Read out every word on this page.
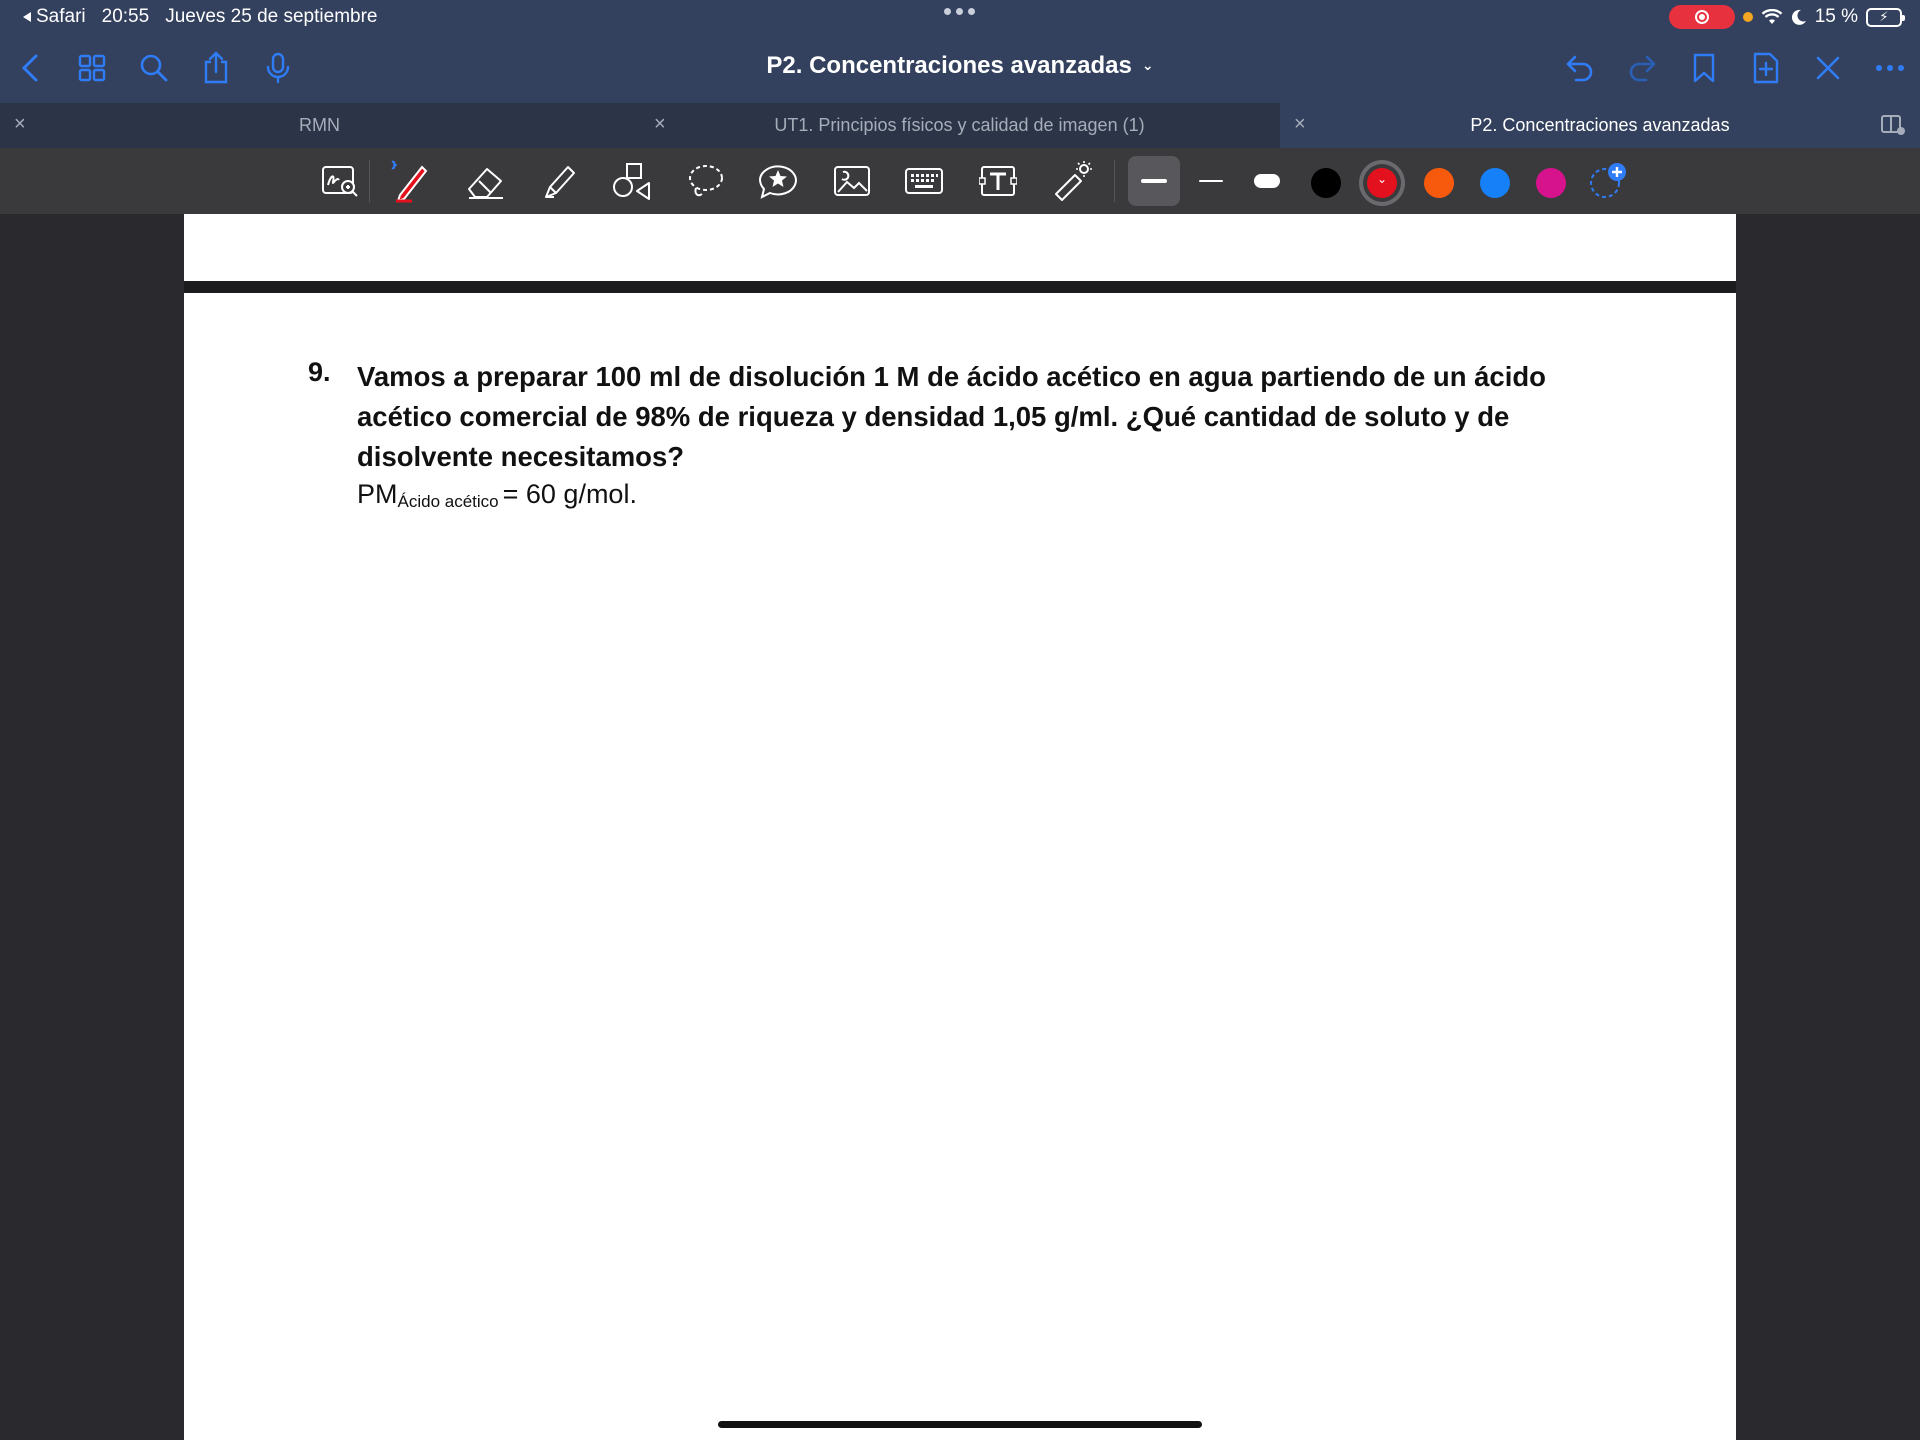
Safari 20:55 Jueves 25 de septiembre	15 %	⚡
P2. Concentraciones avanzadas ⌄
×	RMN	×	UT1. Principios físicos y calidad de imagen (1)	×	P2. Concentraciones avanzadas
⌄
9. Vamos a preparar 100 ml de disolución 1 M de ácido acético en agua partiendo de un ácido acético comercial de 98% de riqueza y densidad 1,05 g/ml. ¿Qué cantidad de soluto y de disolvente necesitamos?
$PM_{Ácido acético} = 60$ g/mol.
